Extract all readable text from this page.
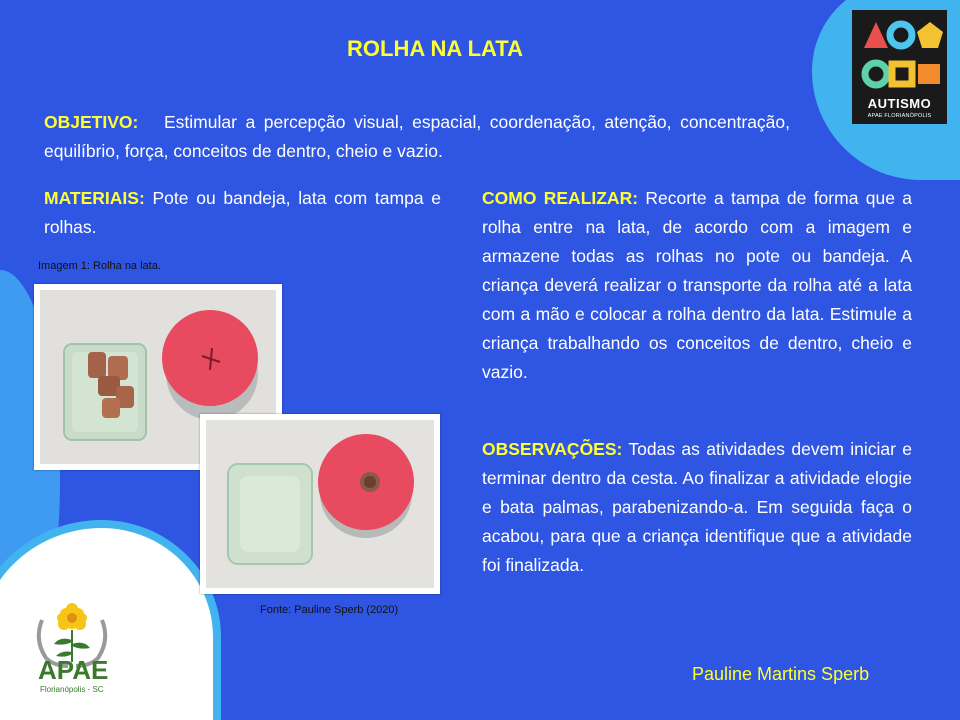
ROLHA NA LATA
OBJETIVO: Estimular a percepção visual, espacial, coordenação, atenção, concentração, equilíbrio, força, conceitos de dentro, cheio e vazio.
MATERIAIS: Pote ou bandeja, lata com tampa e rolhas.
COMO REALIZAR: Recorte a tampa de forma que a rolha entre na lata, de acordo com a imagem e armazene todas as rolhas no pote ou bandeja. A criança deverá realizar o transporte da rolha até a lata com a mão e colocar a rolha dentro da lata. Estimule a criança trabalhando os conceitos de dentro, cheio e vazio.
OBSERVAÇÕES: Todas as atividades devem iniciar e terminar dentro da cesta. Ao finalizar a atividade elogie e bata palmas, parabenizando-a. Em seguida faça o acabou, para que a criança identifique que a atividade foi finalizada.
Imagem 1: Rolha na lata.
Fonte: Pauline Sperb (2020)
Pauline Martins Sperb
AUTISMO
APAE FLORIANÓPOLIS
APAE
Florianópolis - SC
